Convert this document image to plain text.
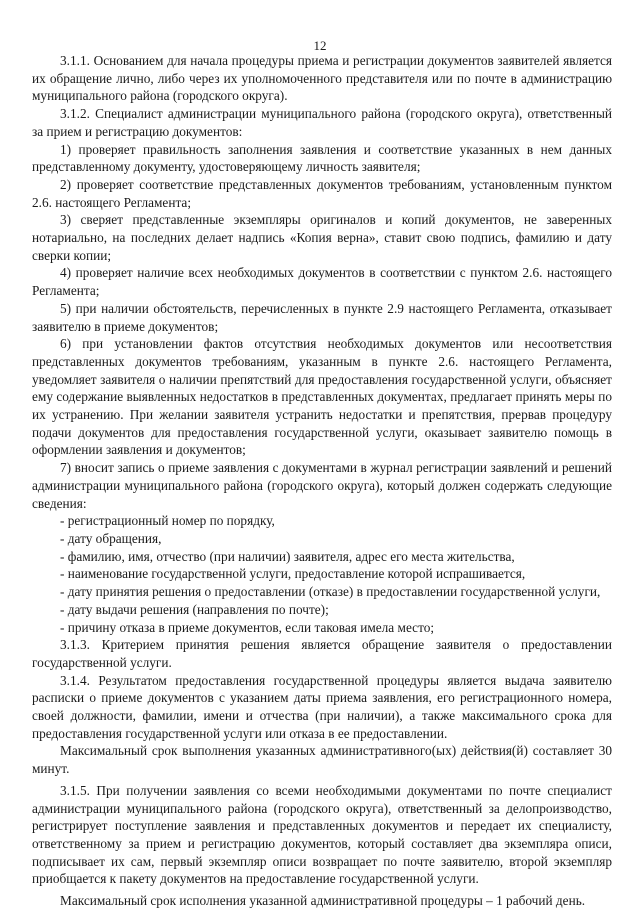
12

3.1.1. Основанием для начала процедуры приема и регистрации документов заявителей является их обращение лично, либо через их уполномоченного представителя или по почте в администрацию муниципального района (городского округа).

3.1.2. Специалист администрации муниципального района (городского округа), ответственный за прием и регистрацию документов:

1) проверяет правильность заполнения заявления и соответствие указанных в нем данных представленному документу, удостоверяющему личность заявителя;

2) проверяет соответствие представленных документов требованиям, установленным пунктом 2.6. настоящего Регламента;

3) сверяет представленные экземпляры оригиналов и копий документов, не заверенных нотариально, на последних делает надпись «Копия верна», ставит свою подпись, фамилию и дату сверки копии;

4) проверяет наличие всех необходимых документов в соответствии с пунктом 2.6. настоящего Регламента;

5) при наличии обстоятельств, перечисленных в пункте 2.9 настоящего Регламента, отказывает заявителю в приеме документов;

6) при установлении фактов отсутствия необходимых документов или несоответствия представленных документов требованиям, указанным в пункте 2.6. настоящего Регламента, уведомляет заявителя о наличии препятствий для предоставления государственной услуги, объясняет ему содержание выявленных недостатков в представленных документах, предлагает принять меры по их устранению. При желании заявителя устранить недостатки и препятствия, прервав процедуру подачи документов для предоставления государственной услуги, оказывает заявителю помощь в оформлении заявления и документов;

7) вносит запись о приеме заявления с документами в журнал регистрации заявлений и решений администрации муниципального района (городского округа), который должен содержать следующие сведения:

- регистрационный номер по порядку,

- дату обращения,

- фамилию, имя, отчество (при наличии) заявителя, адрес его места жительства,

- наименование государственной услуги, предоставление которой испрашивается,

- дату принятия решения о предоставлении (отказе) в предоставлении государственной услуги,

- дату выдачи решения (направления по почте);

- причину отказа в приеме документов, если таковая имела место;

3.1.3. Критерием принятия решения является обращение заявителя о предоставлении государственной услуги.

3.1.4. Результатом предоставления государственной процедуры является выдача заявителю расписки о приеме документов с указанием даты приема заявления, его регистрационного номера, своей должности, фамилии, имени и отчества (при наличии), а также максимального срока для предоставления государственной услуги или отказа в ее предоставлении.

Максимальный срок выполнения указанных административного(ых) действия(й) составляет 30 минут.

3.1.5. При получении заявления со всеми необходимыми документами по почте специалист администрации муниципального района (городского округа), ответственный за делопроизводство, регистрирует поступление заявления и представленных документов и передает их специалисту, ответственному за прием и регистрацию документов, который составляет два экземпляра описи, подписывает их сам, первый экземпляр описи возвращает по почте заявителю, второй экземпляр приобщается к пакету документов на предоставление государственной услуги.

Максимальный срок исполнения указанной административной процедуры – 1 рабочий день.
